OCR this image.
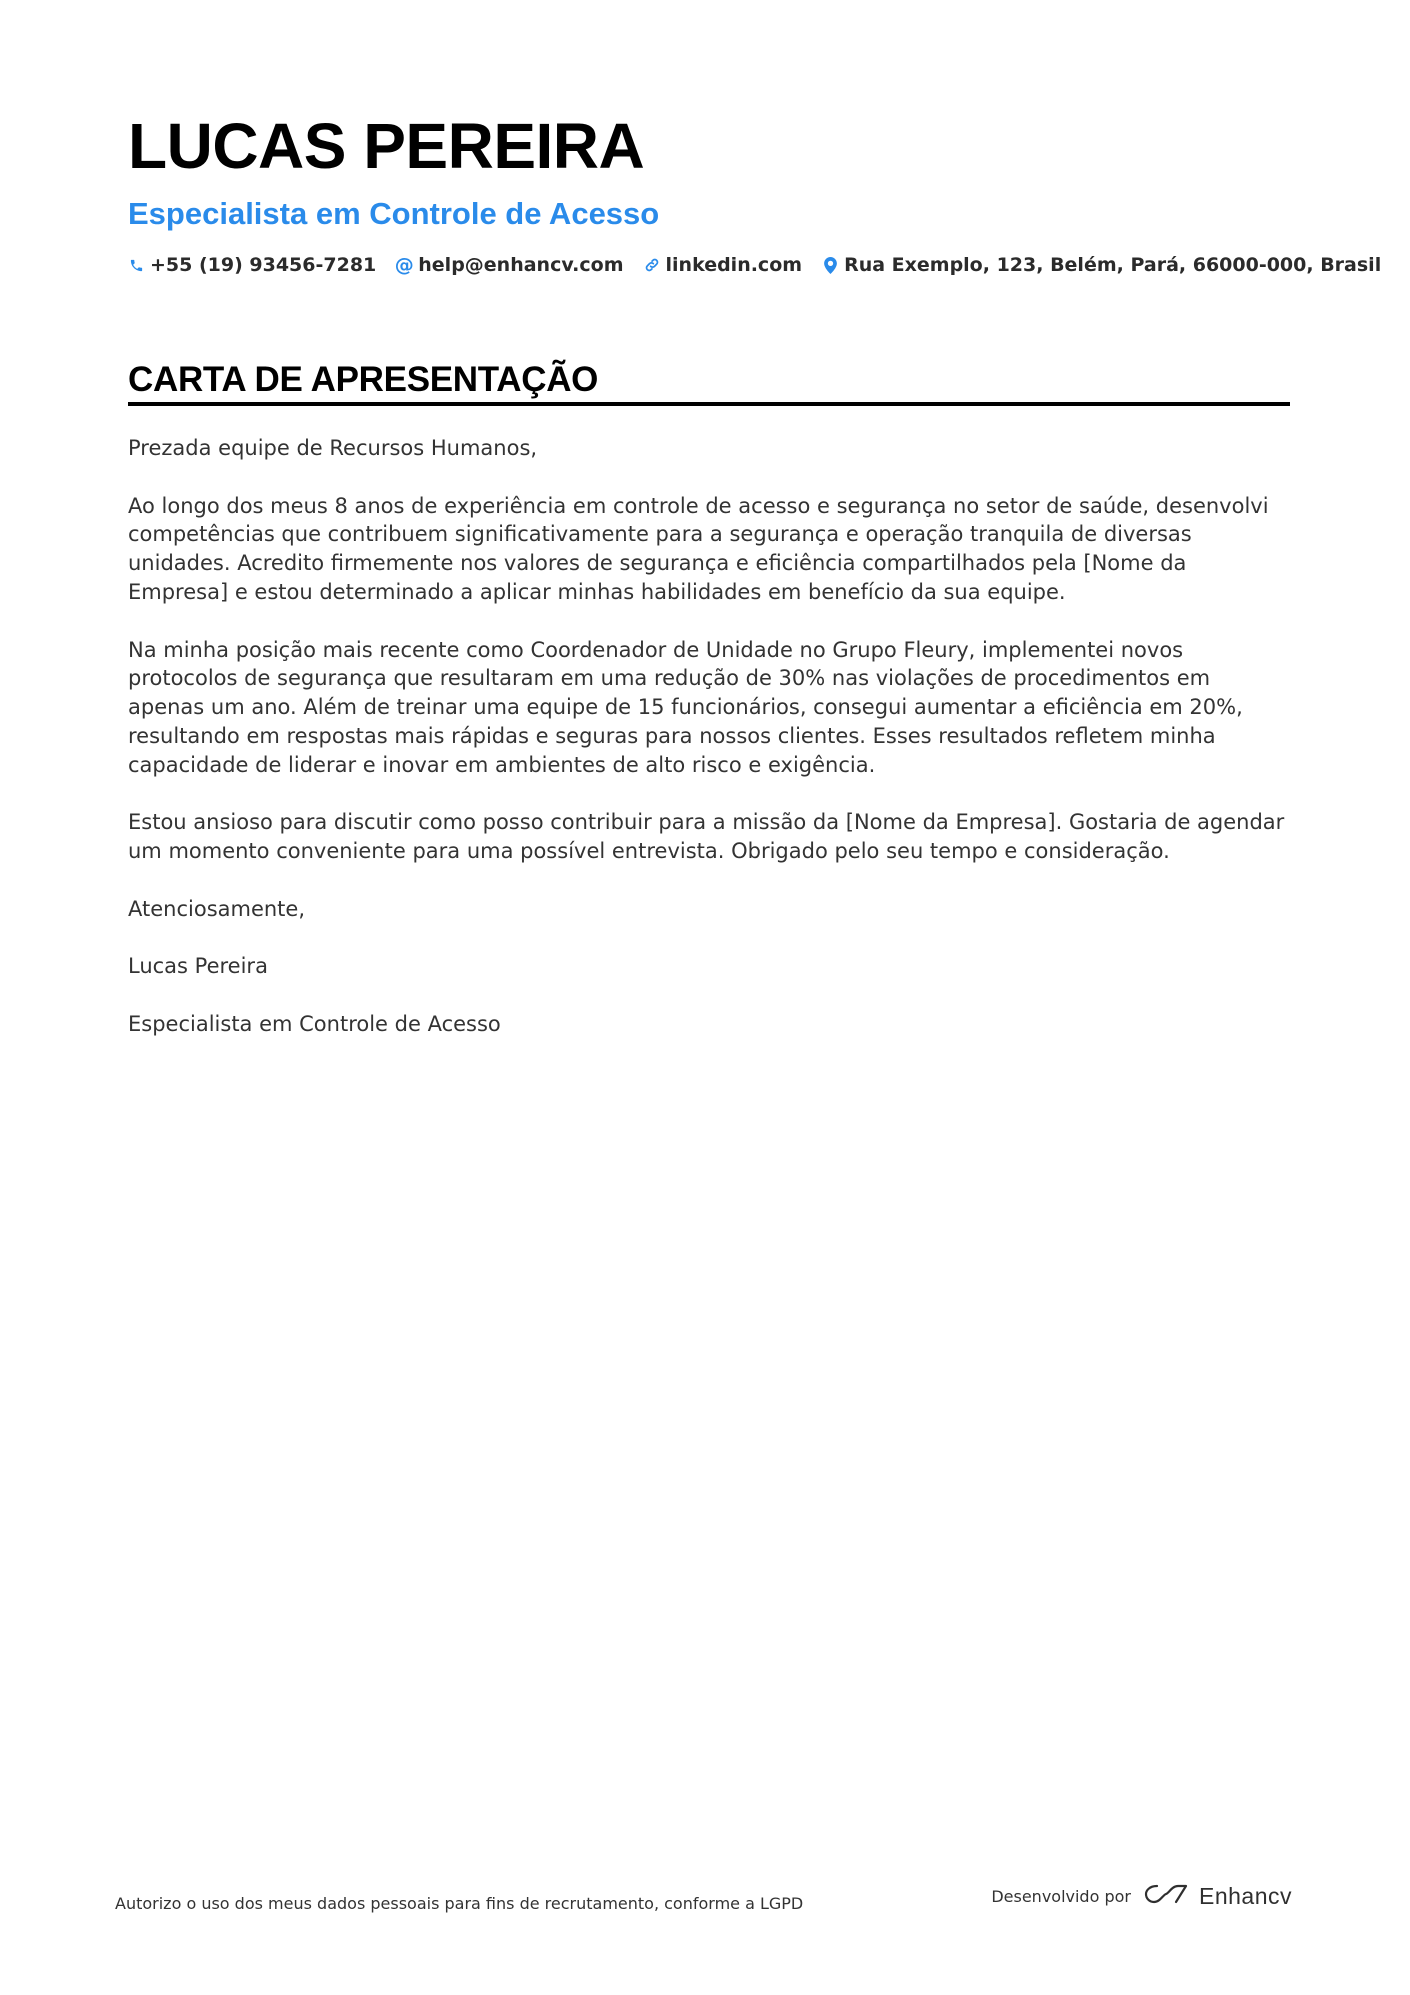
LUCAS PEREIRA
Especialista em Controle de Acesso
+55 (19) 93456-7281 @ help@enhancv.com linkedin.com Rua Exemplo, 123, Belém, Pará, 66000-000, Brasil
CARTA DE APRESENTAÇÃO

Prezada equipe de Recursos Humanos,

Ao longo dos meus 8 anos de experiência em controle de acesso e segurança no setor de saúde, desenvolvi competências que contribuem significativamente para a segurança e operação tranquila de diversas unidades. Acredito firmemente nos valores de segurança e eficiência compartilhados pela [Nome da Empresa] e estou determinado a aplicar minhas habilidades em benefício da sua equipe.

Na minha posição mais recente como Coordenador de Unidade no Grupo Fleury, implementei novos protocolos de segurança que resultaram em uma redução de 30% nas violações de procedimentos em apenas um ano. Além de treinar uma equipe de 15 funcionários, consegui aumentar a eficiência em 20%, resultando em respostas mais rápidas e seguras para nossos clientes. Esses resultados refletem minha capacidade de liderar e inovar em ambientes de alto risco e exigência.

Estou ansioso para discutir como posso contribuir para a missão da [Nome da Empresa]. Gostaria de agendar um momento conveniente para uma possível entrevista. Obrigado pelo seu tempo e consideração.

Atenciosamente,

Lucas Pereira

Especialista em Controle de Acesso

Autorizo o uso dos meus dados pessoais para fins de recrutamento, conforme a LGPD	Desenvolvido por	Enhancv
